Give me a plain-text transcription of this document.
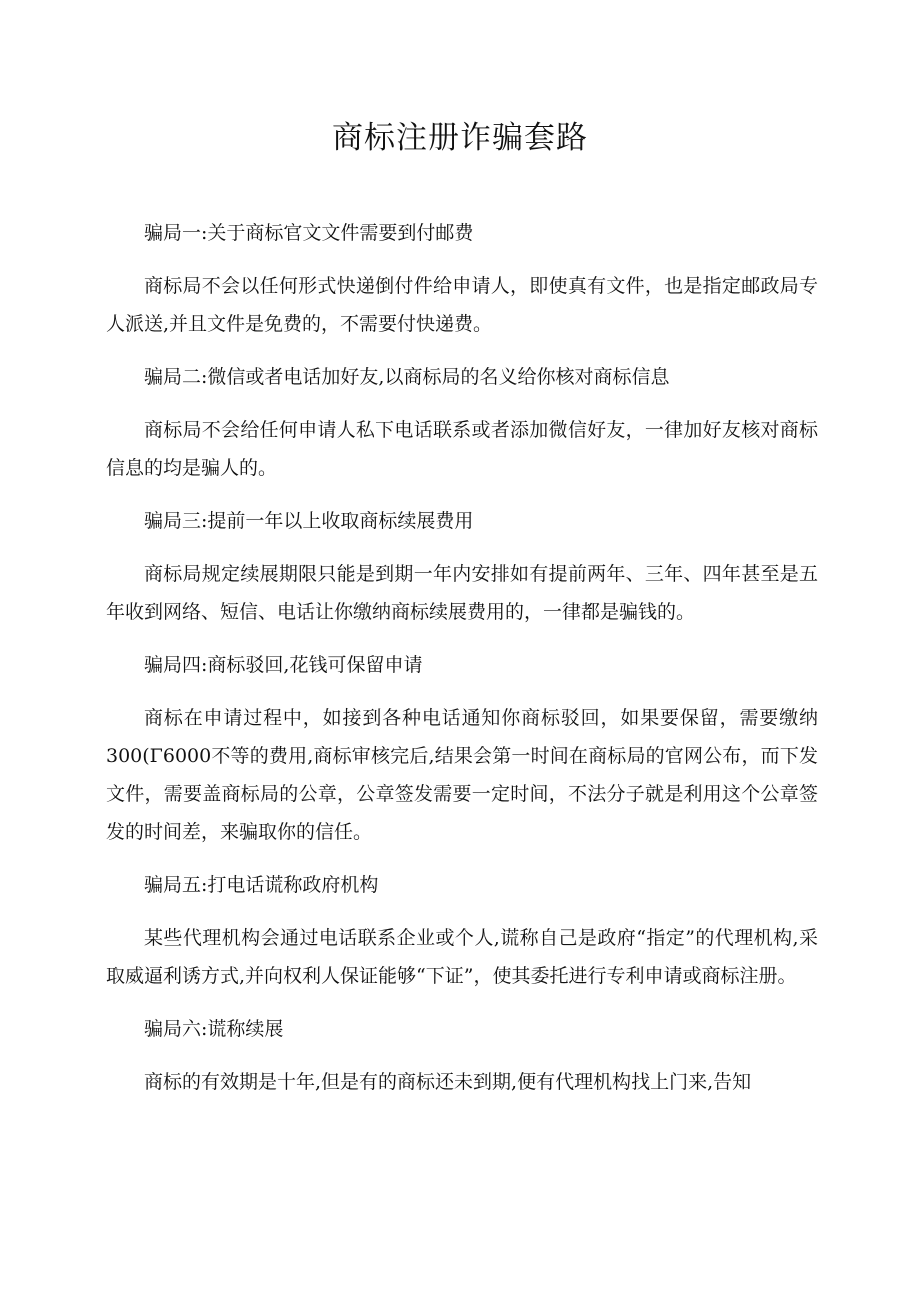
商标注册诈骗套路

骗局一:关于商标官文文件需要到付邮费

商标局不会以任何形式快递倒付件给申请人，即使真有文件，也是指定邮政局专人派送,并且文件是免费的，不需要付快递费。

骗局二:微信或者电话加好友,以商标局的名义给你核对商标信息

商标局不会给任何申请人私下电话联系或者添加微信好友，一律加好友核对商标信息的均是骗人的。

骗局三:提前一年以上收取商标续展费用

商标局规定续展期限只能是到期一年内安排如有提前两年、三年、四年甚至是五年收到网络、短信、电话让你缴纳商标续展费用的，一律都是骗钱的。

骗局四:商标驳回,花钱可保留申请

商标在申请过程中，如接到各种电话通知你商标驳回，如果要保留，需要缴纳300(Γ6000不等的费用,商标审核完后,结果会第一时间在商标局的官网公布，而下发文件，需要盖商标局的公章，公章签发需要一定时间，不法分子就是利用这个公章签发的时间差，来骗取你的信任。

骗局五:打电话谎称政府机构

某些代理机构会通过电话联系企业或个人,谎称自己是政府“指定”的代理机构,采取威逼利诱方式,并向权利人保证能够“下证”，使其委托进行专利申请或商标注册。

骗局六:谎称续展

商标的有效期是十年,但是有的商标还未到期,便有代理机构找上门来,告知
